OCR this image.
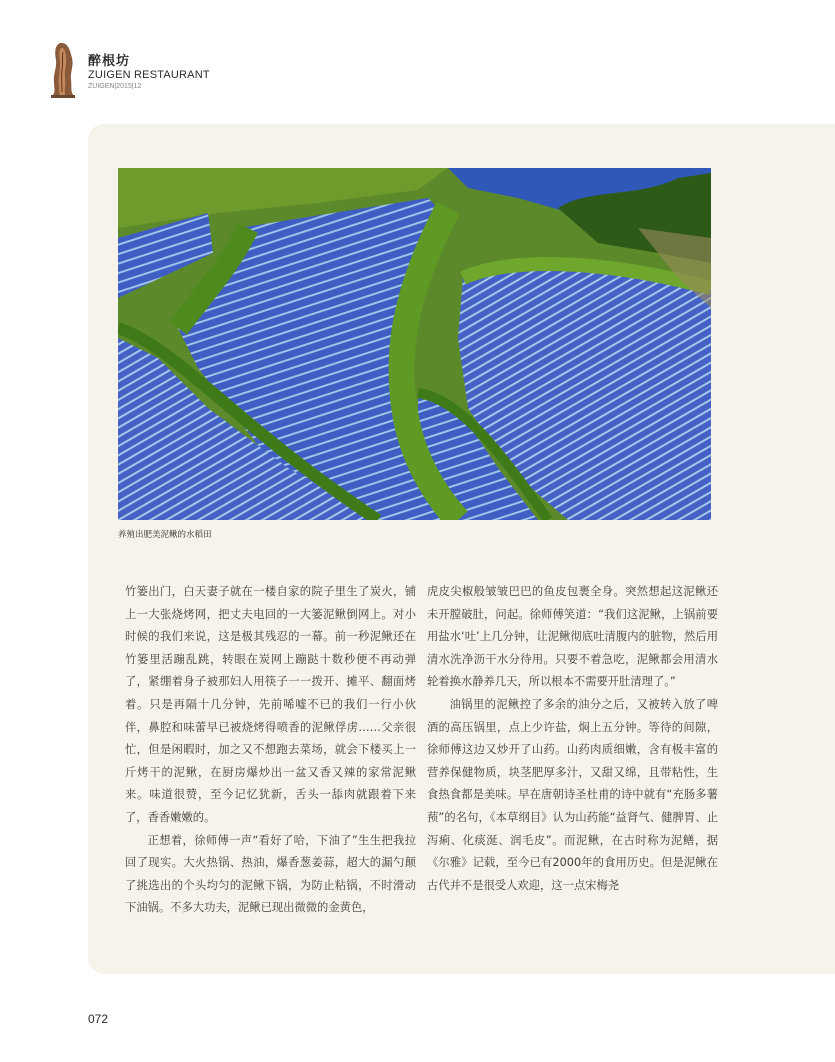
醉根坊
ZUIGEN RESTAURANT
ZUIGEN|2015|12
养殖出肥美泥鳅的水稻田

竹篓出门，白天妻子就在一楼自家的院子里生了炭火，铺上一大张烧烤网，把丈夫电回的一大篓泥鳅倒网上。对小时候的我们来说，这是极其残忍的一幕。前一秒泥鳅还在竹篓里活蹦乱跳，转眼在炭网上蹦跶十数秒便不再动弹了，紧绷着身子被那妇人用筷子一一拨开、摊平、翻面烤着。只是再隔十几分钟，先前唏嘘不已的我们一行小伙伴，鼻腔和味蕾早已被烧烤得喷香的泥鳅俘虏……父亲很忙，但是闲暇时，加之又不想跑去菜场，就会下楼买上一斤烤干的泥鳅，在厨房爆炒出一盆又香又辣的家常泥鳅来。味道很赞，至今记忆犹新，舌头一舔肉就跟着下来了，香香嫩嫩的。

正想着，徐师傅一声“看好了哈，下油了”生生把我拉回了现实。大火热锅、热油，爆香葱姜蒜，超大的漏勺颠了挑选出的个头均匀的泥鳅下锅，为防止粘锅，不时滑动下油锅。不多大功夫，泥鳅已现出微微的金黄色，

虎皮尖椒般皱皱巴巴的鱼皮包裹全身。突然想起这泥鳅还未开膛破肚，问起。徐师傅笑道：“我们这泥鳅，上锅前要用盐水‘吐’上几分钟，让泥鳅彻底吐清腹内的脏物，然后用清水洗净沥干水分待用。只要不着急吃，泥鳅都会用清水轮着换水静养几天，所以根本不需要开肚清理了。”

油锅里的泥鳅控了多余的油分之后，又被转入放了啤酒的高压锅里，点上少许盐，焖上五分钟。等待的间隙，徐师傅这边又炒开了山药。山药肉质细嫩，含有极丰富的营养保健物质，块茎肥厚多汁，又甜又绵，且带粘性，生食热食都是美味。早在唐朝诗圣杜甫的诗中就有“充肠多薯蓣”的名句，《本草纲目》认为山药能“益肾气、健脾胃、止泻痢、化痰涎、润毛皮”。而泥鳅，在古时称为泥鳝，据《尔雅》记载，至今已有2000年的食用历史。但是泥鳅在古代并不是很受人欢迎，这一点宋梅尧

072
